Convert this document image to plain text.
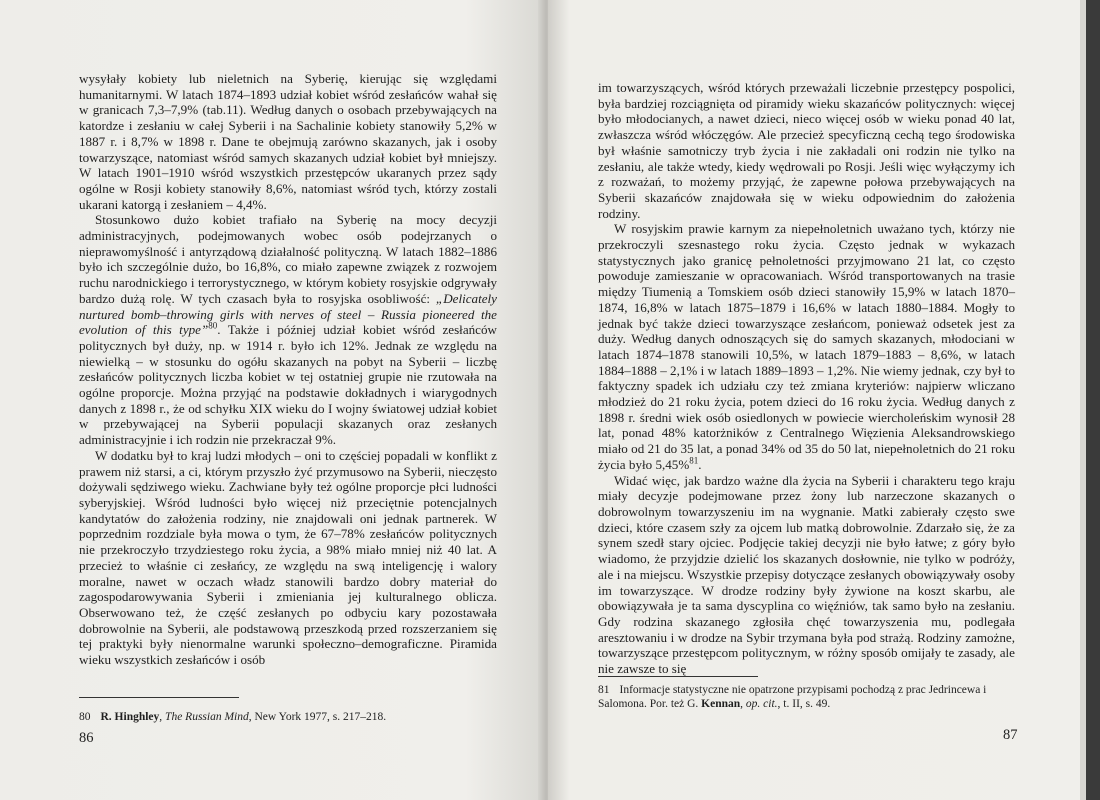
wysyłały kobiety lub nieletnich na Syberię, kierując się względami humanitarnymi. W latach 1874–1893 udział kobiet wśród zesłańców wahał się w granicach 7,3–7,9% (tab.11). Według danych o osobach przebywających na katordze i zesłaniu w całej Syberii i na Sachalinie kobiety stanowiły 5,2% w 1887 r. i 8,7% w 1898 r. Dane te obejmują zarówno skazanych, jak i osoby towarzyszące, natomiast wśród samych skazanych udział kobiet był mniejszy. W latach 1901–1910 wśród wszystkich przestępców ukaranych przez sądy ogólne w Rosji kobiety stanowiły 8,6%, natomiast wśród tych, którzy zostali ukarani katorgą i zesłaniem – 4,4%.

Stosunkowo dużo kobiet trafiało na Syberię na mocy decyzji administracyjnych, podejmowanych wobec osób podejrzanych o nieprawomyślność i antyrządową działalność polityczną. W latach 1882–1886 było ich szczególnie dużo, bo 16,8%, co miało zapewne związek z rozwojem ruchu narodnickiego i terrorystycznego, w którym kobiety rosyjskie odgrywały bardzo dużą rolę. W tych czasach była to rosyjska osobliwość: „Delicately nurtured bomb–throwing girls with nerves of steel – Russia pioneered the evolution of this type”$^{80}$. Także i później udział kobiet wśród zesłańców politycznych był duży, np. w 1914 r. było ich 12%. Jednak ze względu na niewielką – w stosunku do ogółu skazanych na pobyt na Syberii – liczbę zesłańców politycznych liczba kobiet w tej ostatniej grupie nie rzutowała na ogólne proporcje. Można przyjąć na podstawie dokładnych i wiarygodnych danych z 1898 r., że od schyłku XIX wieku do I wojny światowej udział kobiet w przebywającej na Syberii populacji skazanych oraz zesłanych administracyjnie i ich rodzin nie przekraczał 9%.

W dodatku był to kraj ludzi młodych – oni to częściej popadali w konflikt z prawem niż starsi, a ci, którym przyszło żyć przymusowo na Syberii, nieczęsto dożywali sędziwego wieku. Zachwiane były też ogólne proporcje płci ludności syberyjskiej. Wśród ludności było więcej niż przeciętnie potencjalnych kandytatów do założenia rodziny, nie znajdowali oni jednak partnerek. W poprzednim rozdziale była mowa o tym, że 67–78% zesłańców politycznych nie przekroczyło trzydziestego roku życia, a 98% miało mniej niż 40 lat. A przecież to właśnie ci zesłańcy, ze względu na swą inteligencję i walory moralne, nawet w oczach władz stanowili bardzo dobry materiał do zagospodarowywania Syberii i zmieniania jej kulturalnego oblicza. Obserwowano też, że część zesłanych po odbyciu kary pozostawała dobrowolnie na Syberii, ale podstawową przeszkodą przed rozszerzaniem się tej praktyki były nienormalne warunki społeczno–demograficzne. Piramida wieku wszystkich zesłańców i osób

80 R. Hinghley, The Russian Mind, New York 1977, s. 217–218.
86

im towarzyszących, wśród których przeważali liczebnie przestępcy pospolici, była bardziej rozciągnięta od piramidy wieku skazańców politycznych: więcej było młodocianych, a nawet dzieci, nieco więcej osób w wieku ponad 40 lat, zwłaszcza wśród włóczęgów. Ale przecież specyficzną cechą tego środowiska był właśnie samotniczy tryb życia i nie zakładali oni rodzin nie tylko na zesłaniu, ale także wtedy, kiedy wędrowali po Rosji. Jeśli więc wyłączymy ich z rozważań, to możemy przyjąć, że zapewne połowa przebywających na Syberii skazańców znajdowała się w wieku odpowiednim do założenia rodziny.

W rosyjskim prawie karnym za niepełnoletnich uważano tych, którzy nie przekroczyli szesnastego roku życia. Często jednak w wykazach statystycznych jako granicę pełnoletności przyjmowano 21 lat, co często powoduje zamieszanie w opracowaniach. Wśród transportowanych na trasie między Tiumenią a Tomskiem osób dzieci stanowiły 15,9% w latach 1870–1874, 16,8% w latach 1875–1879 i 16,6% w latach 1880–1884. Mogły to jednak być także dzieci towarzyszące zesłańcom, ponieważ odsetek jest za duży. Według danych odnoszących się do samych skazanych, młodociani w latach 1874–1878 stanowili 10,5%, w latach 1879–1883 – 8,6%, w latach 1884–1888 – 2,1% i w latach 1889–1893 – 1,2%. Nie wiemy jednak, czy był to faktyczny spadek ich udziału czy też zmiana kryteriów: najpierw wliczano młodzież do 21 roku życia, potem dzieci do 16 roku życia. Według danych z 1898 r. średni wiek osób osiedlonych w powiecie wiercholeńskim wynosił 28 lat, ponad 48% katorżników z Centralnego Więzienia Aleksandrowskiego miało od 21 do 35 lat, a ponad 34% od 35 do 50 lat, niepełnoletnich do 21 roku życia było 5,45%$^{81}$.

Widać więc, jak bardzo ważne dla życia na Syberii i charakteru tego kraju miały decyzje podejmowane przez żony lub narzeczone skazanych o dobrowolnym towarzyszeniu im na wygnanie. Matki zabierały często swe dzieci, które czasem szły za ojcem lub matką dobrowolnie. Zdarzało się, że za synem szedł stary ojciec. Podjęcie takiej decyzji nie było łatwe; z góry było wiadomo, że przyjdzie dzielić los skazanych dosłownie, nie tylko w podróży, ale i na miejscu. Wszystkie przepisy dotyczące zesłanych obowiązywały osoby im towarzyszące. W drodze rodziny były żywione na koszt skarbu, ale obowiązywała je ta sama dyscyplina co więźniów, tak samo było na zesłaniu. Gdy rodzina skazanego zgłosiła chęć towarzyszenia mu, podlegała aresztowaniu i w drodze na Sybir trzymana była pod strażą. Rodziny zamożne, towarzyszące przestępcom politycznym, w różny sposób omijały te zasady, ale nie zawsze to się

81 Informacje statystyczne nie opatrzone przypisami pochodzą z prac Jedrincewa i Salomona. Por. też G. Kennan, op. cit., t. II, s. 49.
87
